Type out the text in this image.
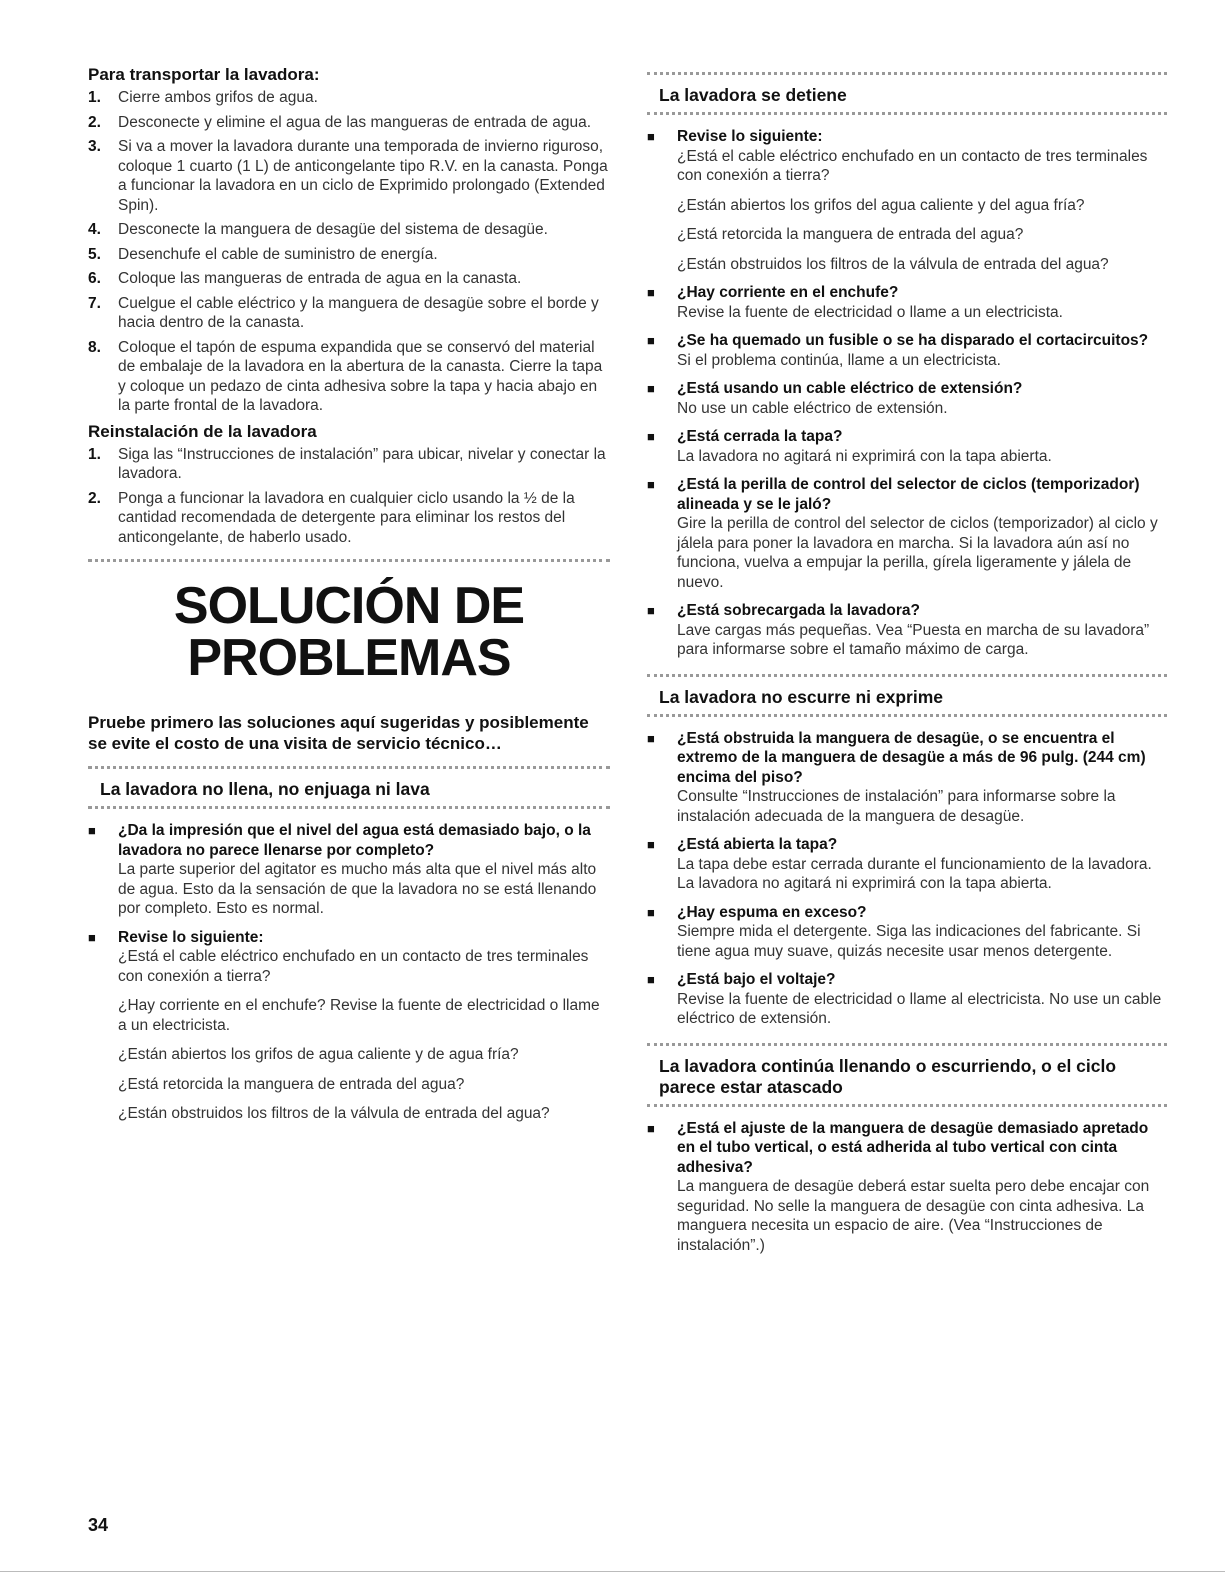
Para transportar la lavadora:
1.	Cierre ambos grifos de agua.
2.	Desconecte y elimine el agua de las mangueras de entrada de agua.
3.	Si va a mover la lavadora durante una temporada de invierno riguroso, coloque 1 cuarto (1 L) de anticongelante tipo R.V. en la canasta. Ponga a funcionar la lavadora en un ciclo de Exprimido prolongado (Extended Spin).
4.	Desconecte la manguera de desagüe del sistema de desagüe.
5.	Desenchufe el cable de suministro de energía.
6.	Coloque las mangueras de entrada de agua en la canasta.
7.	Cuelgue el cable eléctrico y la manguera de desagüe sobre el borde y hacia dentro de la canasta.
8.	Coloque el tapón de espuma expandida que se conservó del material de embalaje de la lavadora en la abertura de la canasta. Cierre la tapa y coloque un pedazo de cinta adhesiva sobre la tapa y hacia abajo en la parte frontal de la lavadora.
Reinstalación de la lavadora
1.	Siga las “Instrucciones de instalación” para ubicar, nivelar y conectar la lavadora.
2.	Ponga a funcionar la lavadora en cualquier ciclo usando la ½ de la cantidad recomendada de detergente para eliminar los restos del anticongelante, de haberlo usado.
SOLUCIÓN DE
PROBLEMAS
Pruebe primero las soluciones aquí sugeridas y posiblemente se evite el costo de una visita de servicio técnico…
La lavadora no llena, no enjuaga ni lava
■	¿Da la impresión que el nivel del agua está demasiado bajo, o la lavadora no parece llenarse por completo?
La parte superior del agitator es mucho más alta que el nivel más alto de agua. Esto da la sensación de que la lavadora no se está llenando por completo. Esto es normal.
■	Revise lo siguiente:
¿Está el cable eléctrico enchufado en un contacto de tres terminales con conexión a tierra?
¿Hay corriente en el enchufe? Revise la fuente de electricidad o llame a un electricista.
¿Están abiertos los grifos de agua caliente y de agua fría?
¿Está retorcida la manguera de entrada del agua?
¿Están obstruidos los filtros de la válvula de entrada del agua?
La lavadora se detiene
■	Revise lo siguiente:
¿Está el cable eléctrico enchufado en un contacto de tres terminales con conexión a tierra?
¿Están abiertos los grifos del agua caliente y del agua fría?
¿Está retorcida la manguera de entrada del agua?
¿Están obstruidos los filtros de la válvula de entrada del agua?
■	¿Hay corriente en el enchufe?
Revise la fuente de electricidad o llame a un electricista.
■	¿Se ha quemado un fusible o se ha disparado el cortacircuitos?
Si el problema continúa, llame a un electricista.
■	¿Está usando un cable eléctrico de extensión?
No use un cable eléctrico de extensión.
■	¿Está cerrada la tapa?
La lavadora no agitará ni exprimirá con la tapa abierta.
■	¿Está la perilla de control del selector de ciclos (temporizador) alineada y se le jaló?
Gire la perilla de control del selector de ciclos (temporizador) al ciclo y jálela para poner la lavadora en marcha. Si la lavadora aún así no funciona, vuelva a empujar la perilla, gírela ligeramente y jálela de nuevo.
■	¿Está sobrecargada la lavadora?
Lave cargas más pequeñas. Vea “Puesta en marcha de su lavadora” para informarse sobre el tamaño máximo de carga.
La lavadora no escurre ni exprime
■	¿Está obstruida la manguera de desagüe, o se encuentra el extremo de la manguera de desagüe a más de 96 pulg. (244 cm) encima del piso?
Consulte “Instrucciones de instalación” para informarse sobre la instalación adecuada de la manguera de desagüe.
■	¿Está abierta la tapa?
La tapa debe estar cerrada durante el funcionamiento de la lavadora. La lavadora no agitará ni exprimirá con la tapa abierta.
■	¿Hay espuma en exceso?
Siempre mida el detergente. Siga las indicaciones del fabricante. Si tiene agua muy suave, quizás necesite usar menos detergente.
■	¿Está bajo el voltaje?
Revise la fuente de electricidad o llame al electricista. No use un cable eléctrico de extensión.
La lavadora continúa llenando o escurriendo, o el ciclo parece estar atascado
■	¿Está el ajuste de la manguera de desagüe demasiado apretado en el tubo vertical, o está adherida al tubo vertical con cinta adhesiva?
La manguera de desagüe deberá estar suelta pero debe encajar con seguridad. No selle la manguera de desagüe con cinta adhesiva. La manguera necesita un espacio de aire. (Vea “Instrucciones de instalación”.)
34
